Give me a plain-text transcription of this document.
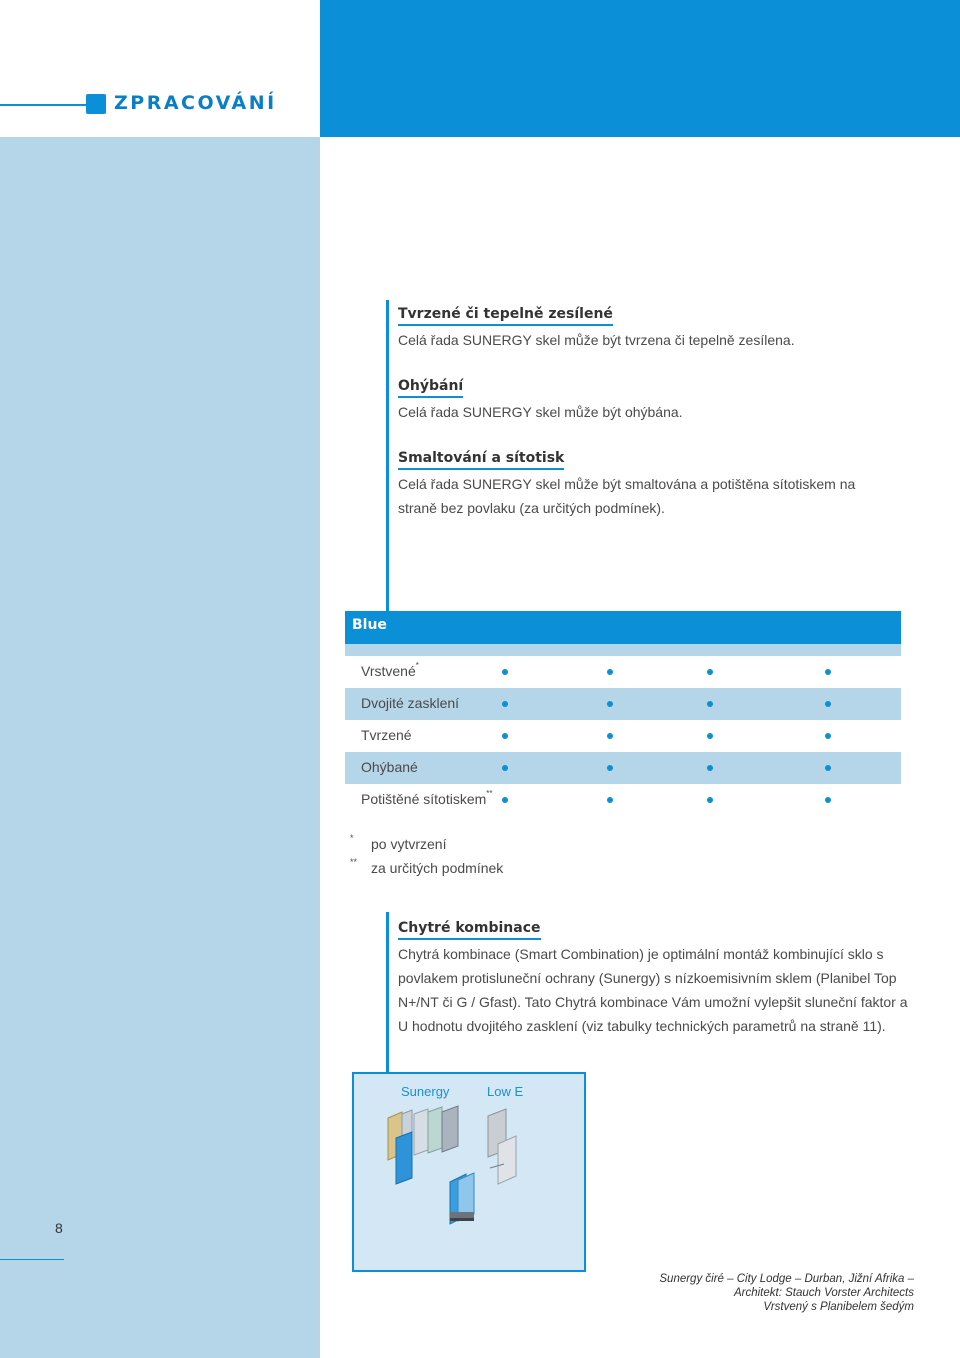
ZPRACOVÁNÍ
Tvrzené či tepelně zesílené
Celá řada SUNERGY skel může být tvrzena či tepelně zesílena.
Ohýbání
Celá řada SUNERGY skel může být ohýbána.
Smaltování a sítotisk
Celá řada SUNERGY skel může být smaltována a potištěna sítotiskem na straně bez povlaku (za určitých podmínek).
Blue
Vrstvené*
Dvojité zasklení
Tvrzené
Ohýbané
Potištěné sítotiskem**
* po vytvrzení
** za určitých podmínek
Chytré kombinace
Chytrá kombinace (Smart Combination) je optimální montáž kombinující sklo s povlakem protisluneční ochrany (Sunergy) s nízkoemisivním sklem (Planibel Top N+/NT či G / Gfast). Tato Chytrá kombinace Vám umožní vylepšit sluneční faktor a U hodnotu dvojitého zasklení (viz tabulky technických parametrů na straně 11).
Sunergy	Low E
8
Sunergy čiré – City Lodge – Durban, Jižní Afrika –
Architekt: Stauch Vorster Architects
Vrstvený s Planibelem šedým
